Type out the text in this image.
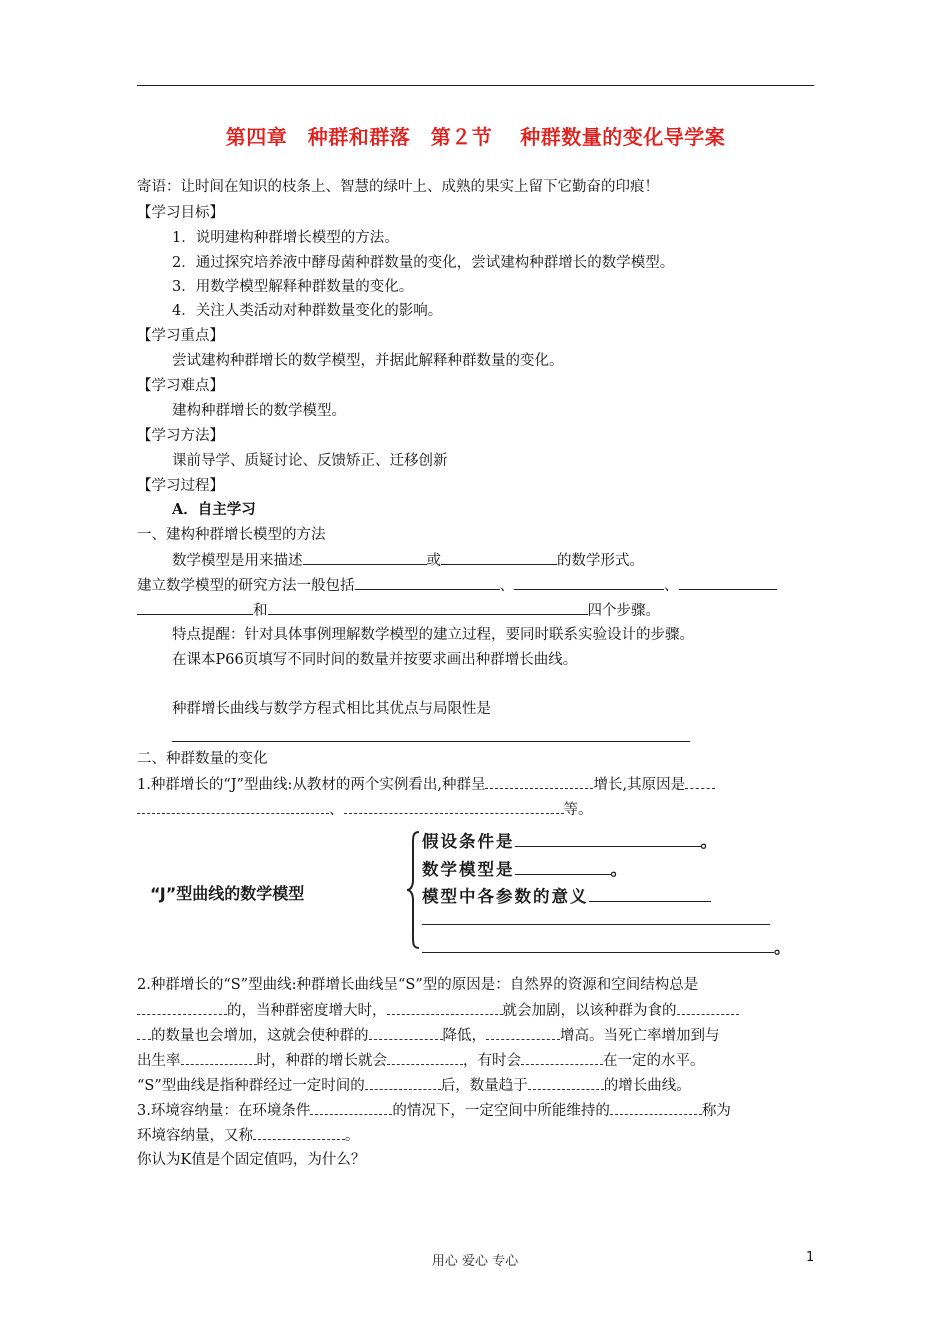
第四章　种群和群落　第２节　 种群数量的变化导学案
寄语：让时间在知识的枝条上、智慧的绿叶上、成熟的果实上留下它勤奋的印痕！
【学习目标】
1．说明建构种群增长模型的方法。
2．通过探究培养液中酵母菌种群数量的变化，尝试建构种群增长的数学模型。
3．用数学模型解释种群数量的变化。
4．关注人类活动对种群数量变化的影响。
【学习重点】
尝试建构种群增长的数学模型，并据此解释种群数量的变化。
【学习难点】
建构种群增长的数学模型。
【学习方法】
课前导学、质疑讨论、反馈矫正、迁移创新
【学习过程】
A．自主学习
一、建构种群增长模型的方法
数学模型是用来描述	或	的数学形式。
建立数学模型的研究方法一般包括	、	、
和	四个步骤。
特点提醒：针对具体事例理解数学模型的建立过程，要同时联系实验设计的步骤。
在课本P66页填写不同时间的数量并按要求画出种群增长曲线。
种群增长曲线与数学方程式相比其优点与局限性是
二、种群数量的变化
1.种群增长的“J”型曲线:从教材的两个实例看出,种群呈	增长,其原因是
、	等。
“J”型曲线的数学模型
假设条件是	。
数学模型是	。
模型中各参数的意义
。
2.种群增长的“S”型曲线:种群增长曲线呈“S”型的原因是：自然界的资源和空间结构总是
的，当种群密度增大时，	就会加剧，以该种群为食的
的数量也会增加，这就会使种群的	降低，	增高。当死亡率增加到与
出生率	时，种群的增长就会	，有时会	在一定的水平。
“S”型曲线是指种群经过一定时间的	后，数量趋于	的增长曲线。
3.环境容纳量：在环境条件	的情况下，一定空间中所能维持的	称为
环境容纳量，又称	。
你认为K值是个固定值吗，为什么？
用心 爱心 专心	1
